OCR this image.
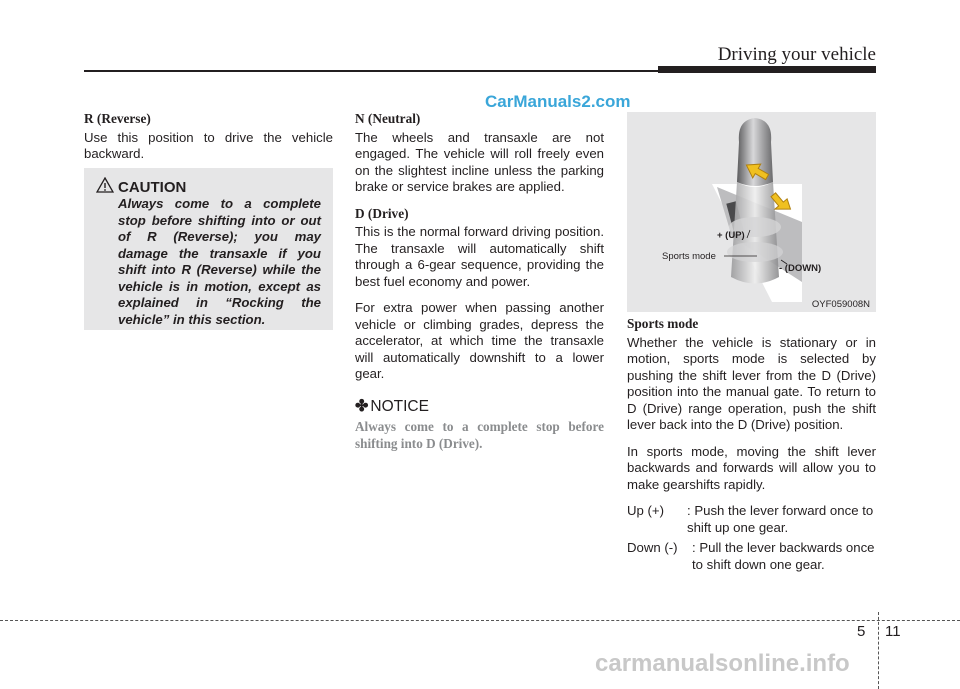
Driving your vehicle
CarManuals2.com
R (Reverse)
Use this position to drive the vehicle backward.
CAUTION
Always come to a complete stop before shifting into or out of R (Reverse); you may damage the transaxle if you shift into R (Reverse) while the vehicle is in motion, except as explained in “Rocking the vehicle” in this section.
N (Neutral)
The wheels and transaxle are not engaged. The vehicle will roll freely even on the slightest incline unless the parking brake or service brakes are applied.
D (Drive)
This is the normal forward driving position. The transaxle will automatically shift through a 6-gear sequence, providing the best fuel economy and power.
For extra power when passing another vehicle or climbing grades, depress the accelerator, at which time the transaxle will automatically downshift to a lower gear.
✤ NOTICE
Always come to a complete stop before shifting into D (Drive).
+ (UP)
Sports mode
- (DOWN)
OYF059008N
Sports mode
Whether the vehicle is stationary or in motion, sports mode is selected by pushing the shift lever from the D (Drive) position into the manual gate. To return to D (Drive) range operation, push the shift lever back into the D (Drive) position.
In sports mode, moving the shift lever backwards and forwards will allow you to make gearshifts rapidly.
Up (+)	: Push the lever forward once to shift up one gear.
Down (-)	: Pull the lever backwards once to shift down one gear.
5 11
carmanualsonline.info
